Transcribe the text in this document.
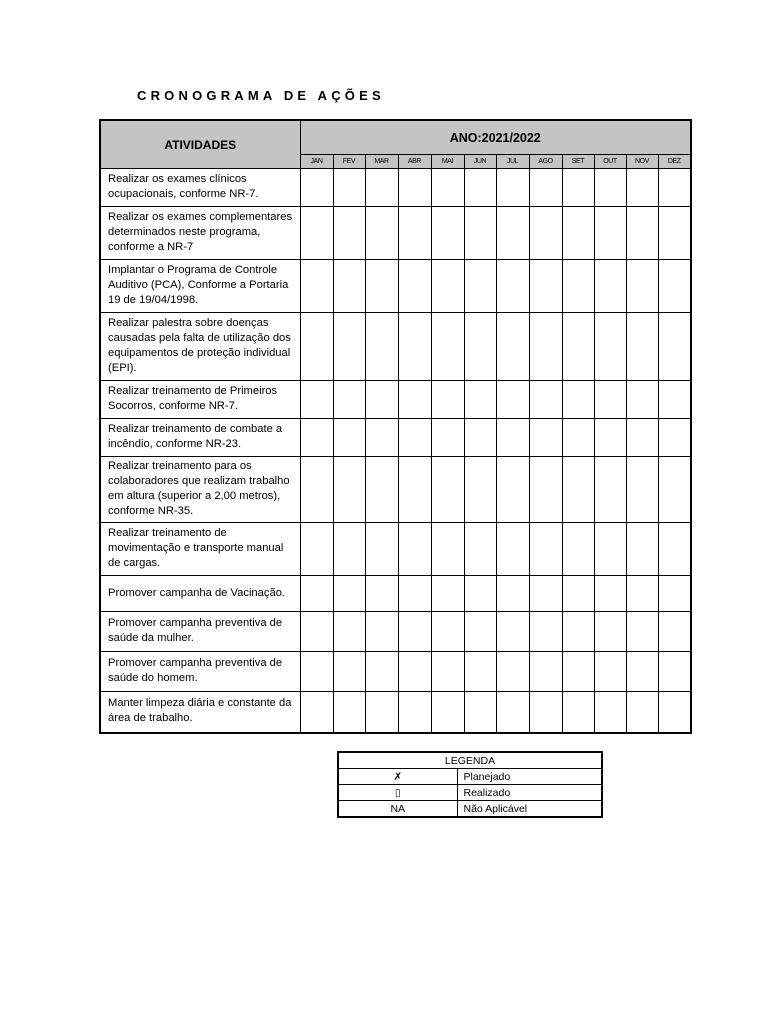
CRONOGRAMA DE AÇÕES
ATIVIDADES	ANO:2021/2022											
	JAN	FEV	MAR	ABR	MAI	JUN	JUL	AGO	SET	OUT	NOV	DEZ
Realizar os exames clínicos ocupacionais, conforme NR-7.												
Realizar os exames complementares determinados neste programa, conforme a NR-7												
Implantar o Programa de Controle Auditivo (PCA), Conforme a Portaria 19 de 19/04/1998.												
Realizar palestra sobre doenças causadas pela falta de utilização dos equipamentos de proteção individual (EPI).												
Realizar treinamento de Primeiros Socorros, conforme NR-7.												
Realizar treinamento de combate a incêndio, conforme NR-23.												
Realizar treinamento para os colaboradores que realizam trabalho em altura (superior a 2,00 metros), conforme NR-35.												
Realizar treinamento de movimentação e transporte manual de cargas.												
Promover campanha de Vacinação.												
Promover campanha preventiva de saúde da mulher.												
Promover campanha preventiva de saúde do homem.												
Manter limpeza diária e constante da área de trabalho.												
LEGENDA	
✗	Planejado
▯	Realizado
NA	Não Aplicável
